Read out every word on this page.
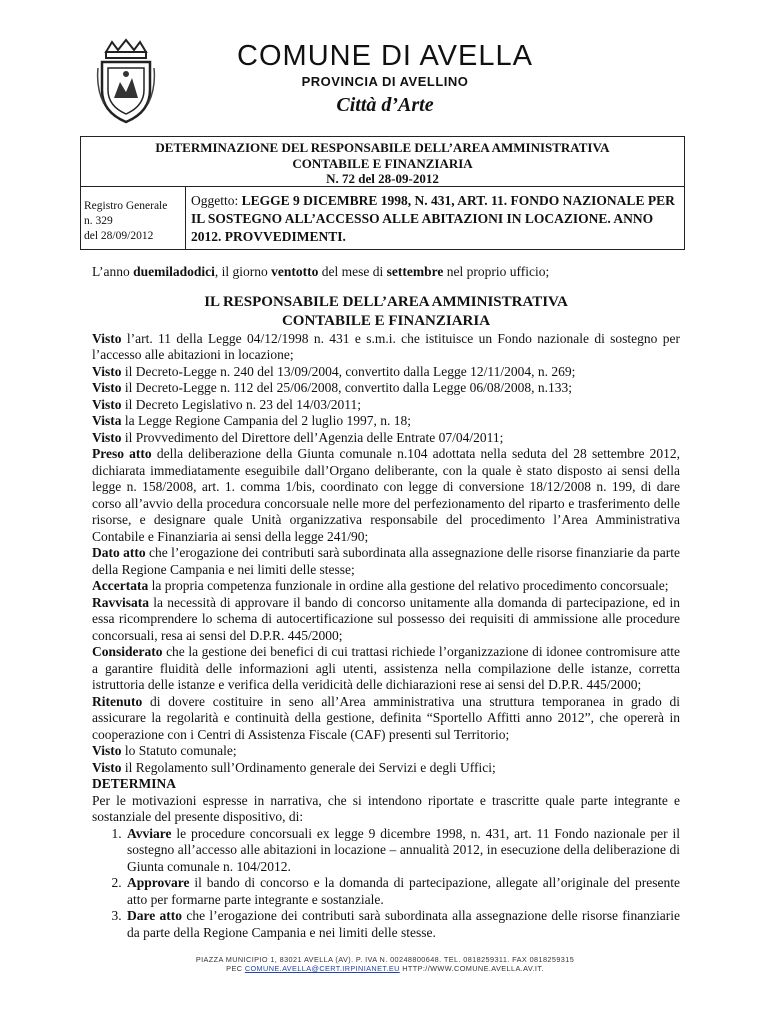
COMUNE DI AVELLA
PROVINCIA DI AVELLINO
Città d’Arte
DETERMINAZIONE DEL RESPONSABILE DELL’AREA AMMINISTRATIVA
CONTABILE E FINANZIARIA
N. 72 del 28-09-2012
Registro Generale
n. 329
del 28/09/2012
Oggetto: LEGGE 9 DICEMBRE 1998, N. 431, ART. 11. FONDO NAZIONALE PER IL SOSTEGNO ALL’ACCESSO ALLE ABITAZIONI IN LOCAZIONE. ANNO 2012. PROVVEDIMENTI.

L’anno duemiladodici, il giorno ventotto del mese di settembre nel proprio ufficio;

IL RESPONSABILE DELL’AREA AMMINISTRATIVA
CONTABILE E FINANZIARIA

Visto l’art. 11 della Legge 04/12/1998 n. 431 e s.m.i. che istituisce un Fondo nazionale di sostegno per l’accesso alle abitazioni in locazione;

Visto il Decreto-Legge n. 240 del 13/09/2004, convertito dalla Legge 12/11/2004, n. 269;

Visto il Decreto-Legge n. 112 del 25/06/2008, convertito dalla Legge 06/08/2008, n.133;

Visto il Decreto Legislativo n. 23 del 14/03/2011;

Vista la Legge Regione Campania del 2 luglio 1997, n. 18;

Visto il Provvedimento del Direttore dell’Agenzia delle Entrate 07/04/2011;

Preso atto della deliberazione della Giunta comunale n.104 adottata nella seduta del 28 settembre 2012, dichiarata immediatamente eseguibile dall’Organo deliberante, con la quale è stato disposto ai sensi della legge n. 158/2008, art. 1. comma 1/bis, coordinato con legge di conversione 18/12/2008 n. 199, di dare corso all’avvio della procedura concorsuale nelle more del perfezionamento del riparto e trasferimento delle risorse, e designare quale Unità organizzativa responsabile del procedimento l’Area Amministrativa Contabile e Finanziaria ai sensi della legge 241/90;

Dato atto che l’erogazione dei contributi sarà subordinata alla assegnazione delle risorse finanziarie da parte della Regione Campania e nei limiti delle stesse;

Accertata la propria competenza funzionale in ordine alla gestione del relativo procedimento concorsuale;

Ravvisata la necessità di approvare il bando di concorso unitamente alla domanda di partecipazione, ed in essa ricomprendere lo schema di autocertificazione sul possesso dei requisiti di ammissione alle procedure concorsuali, resa ai sensi del D.P.R. 445/2000;

Considerato che la gestione dei benefici di cui trattasi richiede l’organizzazione di idonee contromisure atte a garantire fluidità delle informazioni agli utenti, assistenza nella compilazione delle istanze, corretta istruttoria delle istanze e verifica della veridicità delle dichiarazioni rese ai sensi del D.P.R. 445/2000;

Ritenuto di dovere costituire in seno all’Area amministrativa una struttura temporanea in grado di assicurare la regolarità e continuità della gestione, definita “Sportello Affitti anno 2012”, che opererà in cooperazione con i Centri di Assistenza Fiscale (CAF) presenti sul Territorio;

Visto lo Statuto comunale;

Visto il Regolamento sull’Ordinamento generale dei Servizi e degli Uffici;

DETERMINA

Per le motivazioni espresse in narrativa, che si intendono riportate e trascritte quale parte integrante e sostanziale del presente dispositivo, di:

1. Avviare le procedure concorsuali ex legge 9 dicembre 1998, n. 431, art. 11 Fondo nazionale per il sostegno all’accesso alle abitazioni in locazione – annualità 2012, in esecuzione della deliberazione di Giunta comunale n. 104/2012.
2. Approvare il bando di concorso e la domanda di partecipazione, allegate all’originale del presente atto per formarne parte integrante e sostanziale.
3. Dare atto che l’erogazione dei contributi sarà subordinata alla assegnazione delle risorse finanziarie da parte della Regione Campania e nei limiti delle stesse.
PIAZZA MUNICIPIO 1, 83021 AVELLA (AV). P. IVA N. 00248800648. TEL. 0818259311. FAX 0818259315
PEC COMUNE.AVELLA@CERT.IRPINIANET.EU HTTP://WWW.COMUNE.AVELLA.AV.IT.
